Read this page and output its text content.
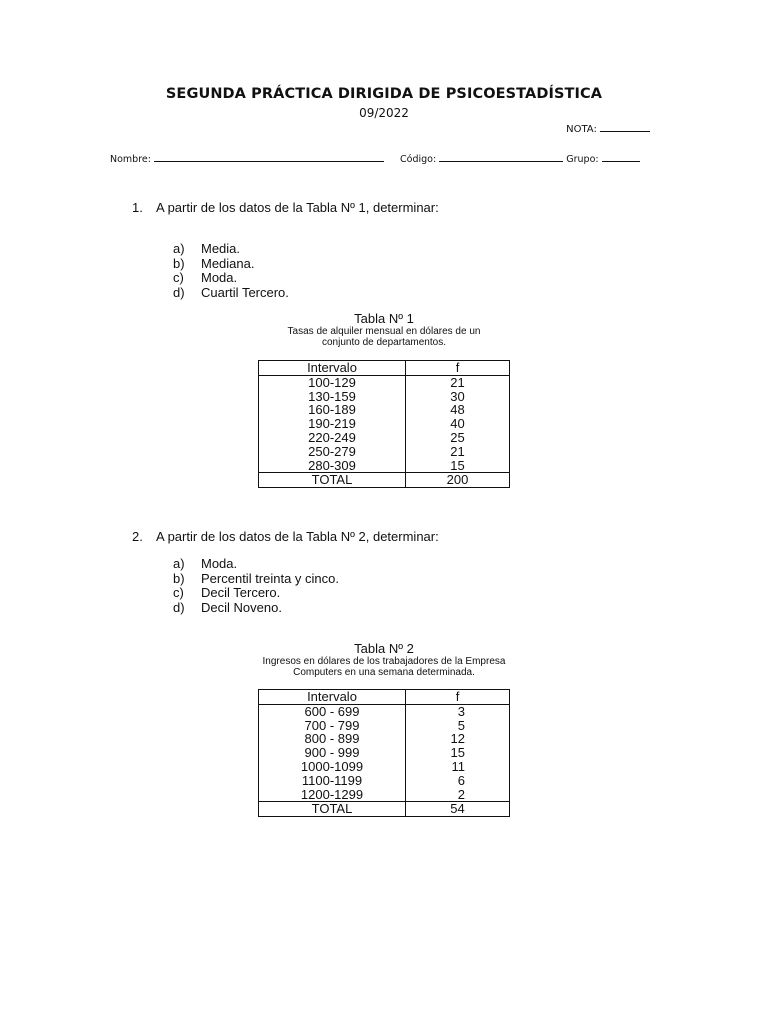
SEGUNDA PRÁCTICA DIRIGIDA DE PSICOESTADÍSTICA
09/2022
NOTA:
Nombre:	Código:	Grupo:
1. A partir de los datos de la Tabla Nº 1, determinar:
a) Media.
b) Mediana.
c) Moda.
d) Cuartil Tercero.
Tabla Nº 1
Tasas de alquiler mensual en dólares de un
conjunto de departamentos.
Intervalo	f
100-129	21
130-159	30
160-189	48
190-219	40
220-249	25
250-279	21
280-309	15
TOTAL	200
2. A partir de los datos de la Tabla Nº 2, determinar:
a) Moda.
b) Percentil treinta y cinco.
c) Decil Tercero.
d) Decil Noveno.
Tabla Nº 2
Ingresos en dólares de los trabajadores de la Empresa
Computers en una semana determinada.
Intervalo	f
600 - 699	3
700 - 799	5
800 - 899	12
900 - 999	15
1000-1099	11
1100-1199	6
1200-1299	2
TOTAL	54
